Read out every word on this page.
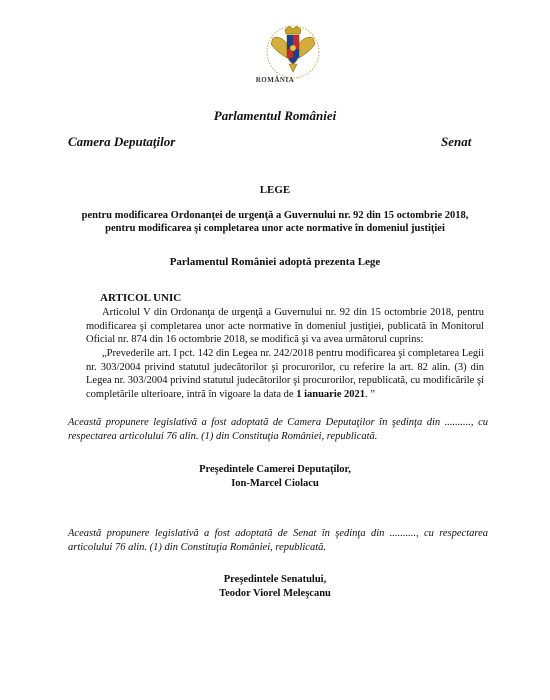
ROMÂNIA
Parlamentul României
Camera Deputaţilor	Senat
LEGE
pentru modificarea Ordonanţei de urgenţă a Guvernului nr. 92 din 15 octombrie 2018,
pentru modificarea şi completarea unor acte normative în domeniul justiţiei
Parlamentul României adoptă prezenta Lege
ARTICOL UNIC
Articolul V din Ordonanţa de urgenţă a Guvernului nr. 92 din 15 octombrie 2018, pentru modificarea şi completarea unor acte normative în domeniul justiţiei, publicată în Monitorul Oficial nr. 874 din 16 octombrie 2018, se modifică şi va avea următorul cuprins:
„Prevederile art. I pct. 142 din Legea nr. 242/2018 pentru modificarea şi completarea Legii nr. 303/2004 privind statutul judecătorilor şi procurorilor, cu referire la art. 82 alin. (3) din Legea nr. 303/2004 privind statutul judecătorilor şi procurorilor, republicată, cu modificările şi completările ulterioare, intră în vigoare la data de 1 ianuarie 2021. ”
Această propunere legislativă a fost adoptată de Camera Deputaţilor în şedinţa din .........., cu respectarea articolului 76 alin. (1) din Constituţia României, republicată.
Preşedintele Camerei Deputaţilor,
Ion-Marcel Ciolacu
Această propunere legislativă a fost adoptată de Senat în şedinţa din .........., cu respectarea articolului 76 alin. (1) din Constituţia României, republicată.
Preşedintele Senatului,
Teodor Viorel Meleşcanu
